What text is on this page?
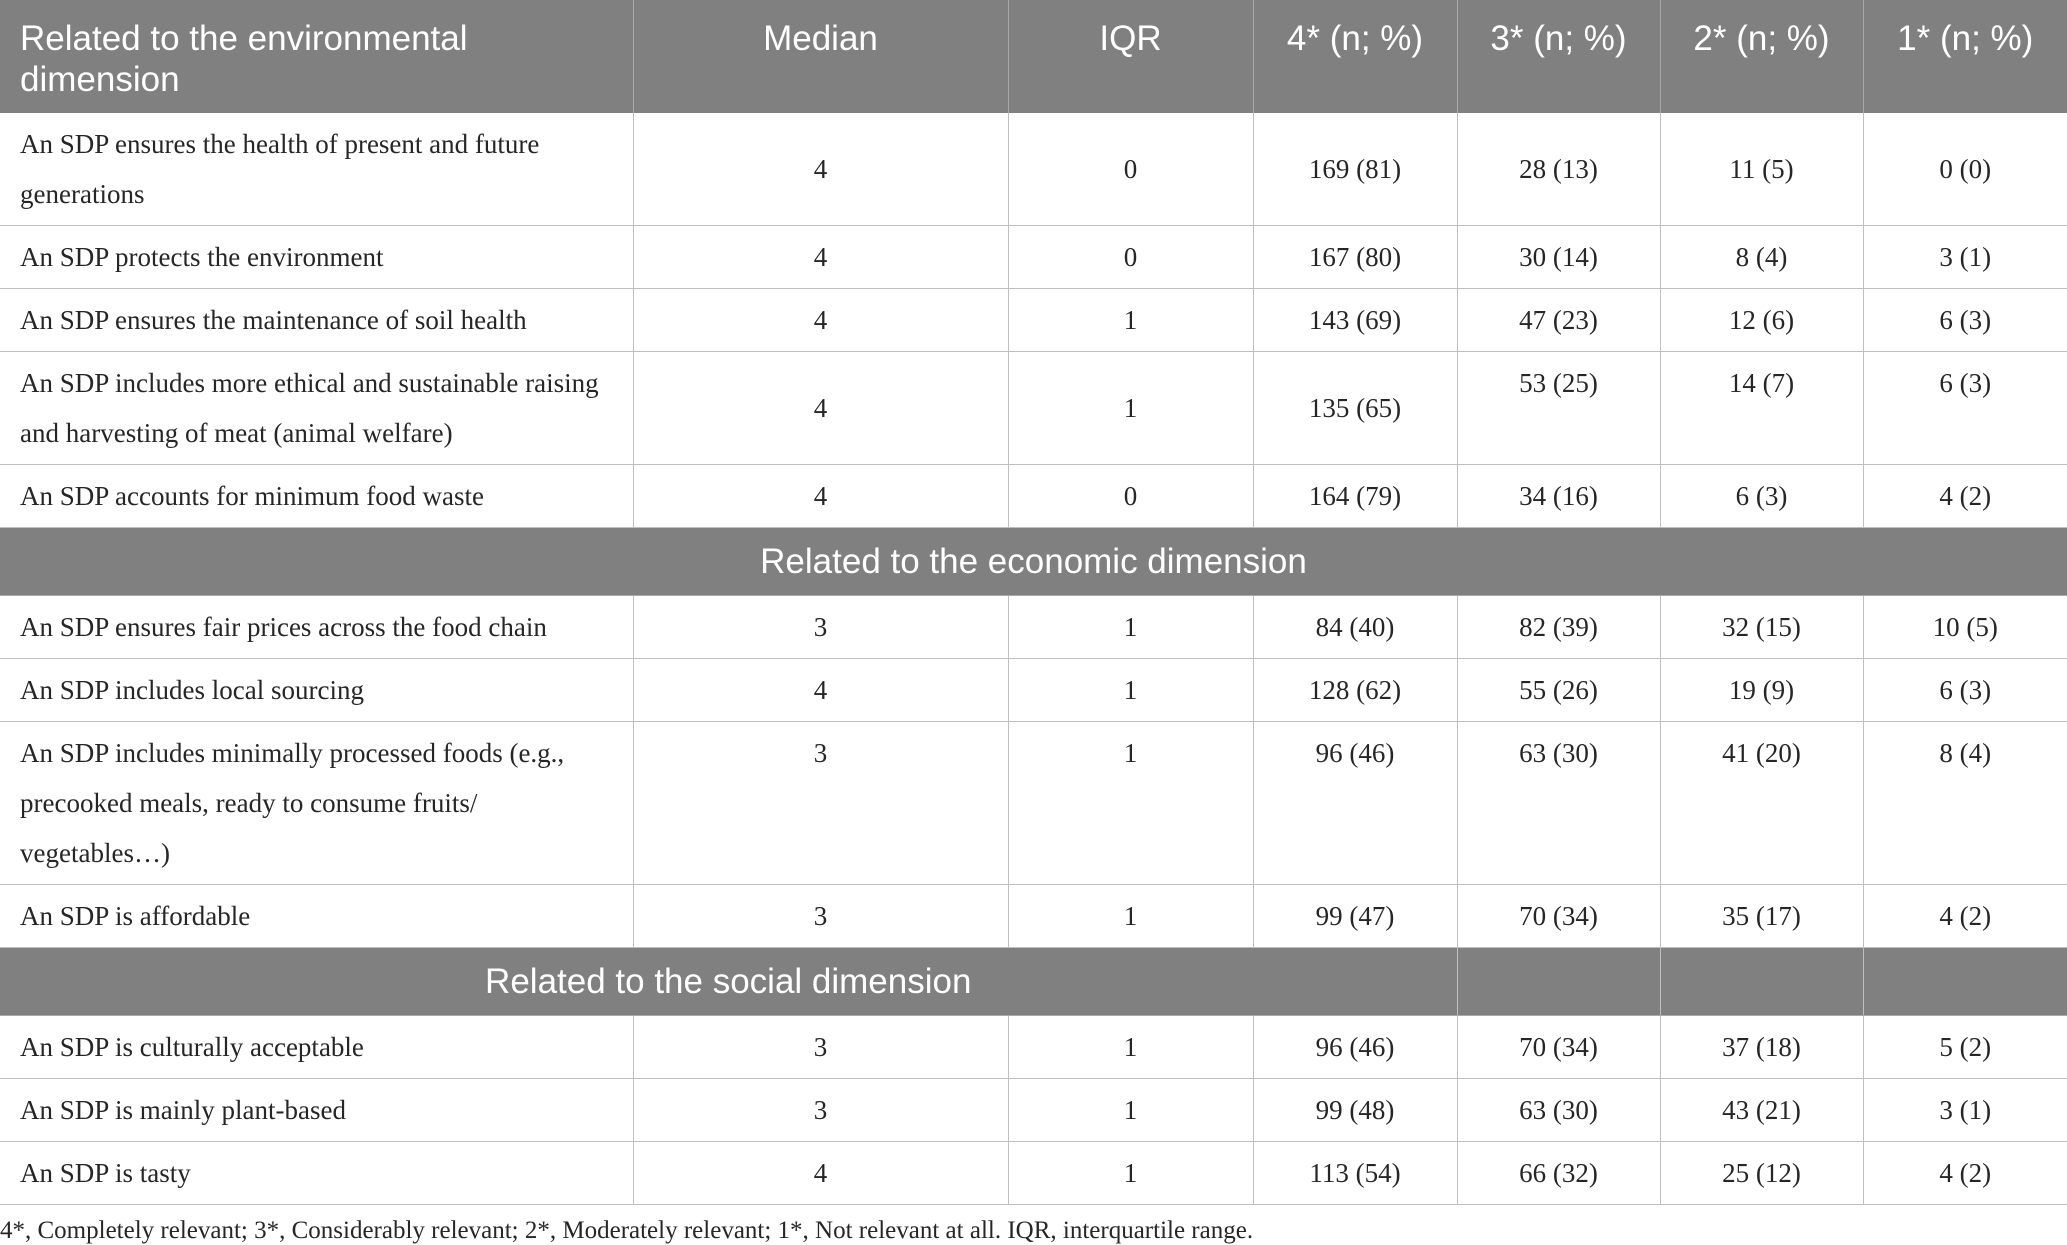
Related to the environmental dimension	Median	IQR	4* (n; %)	3* (n; %)	2* (n; %)	1* (n; %)
An SDP ensures the health of present and future generations	4	0	169 (81)	28 (13)	11 (5)	0 (0)
An SDP protects the environment	4	0	167 (80)	30 (14)	8 (4)	3 (1)
An SDP ensures the maintenance of soil health	4	1	143 (69)	47 (23)	12 (6)	6 (3)
An SDP includes more ethical and sustainable raising and harvesting of meat (animal welfare)	4	1	135 (65)	53 (25)	14 (7)	6 (3)
An SDP accounts for minimum food waste	4	0	164 (79)	34 (16)	6 (3)	4 (2)
Related to the economic dimension						
An SDP ensures fair prices across the food chain	3	1	84 (40)	82 (39)	32 (15)	10 (5)
An SDP includes local sourcing	4	1	128 (62)	55 (26)	19 (9)	6 (3)
An SDP includes minimally processed foods (e.g., precooked meals, ready to consume fruits/ vegetables…)	3	1	96 (46)	63 (30)	41 (20)	8 (4)
An SDP is affordable	3	1	99 (47)	70 (34)	35 (17)	4 (2)
Related to the social dimension						
An SDP is culturally acceptable	3	1	96 (46)	70 (34)	37 (18)	5 (2)
An SDP is mainly plant-based	3	1	99 (48)	63 (30)	43 (21)	3 (1)
An SDP is tasty	4	1	113 (54)	66 (32)	25 (12)	4 (2)
4*, Completely relevant; 3*, Considerably relevant; 2*, Moderately relevant; 1*, Not relevant at all. IQR, interquartile range.
